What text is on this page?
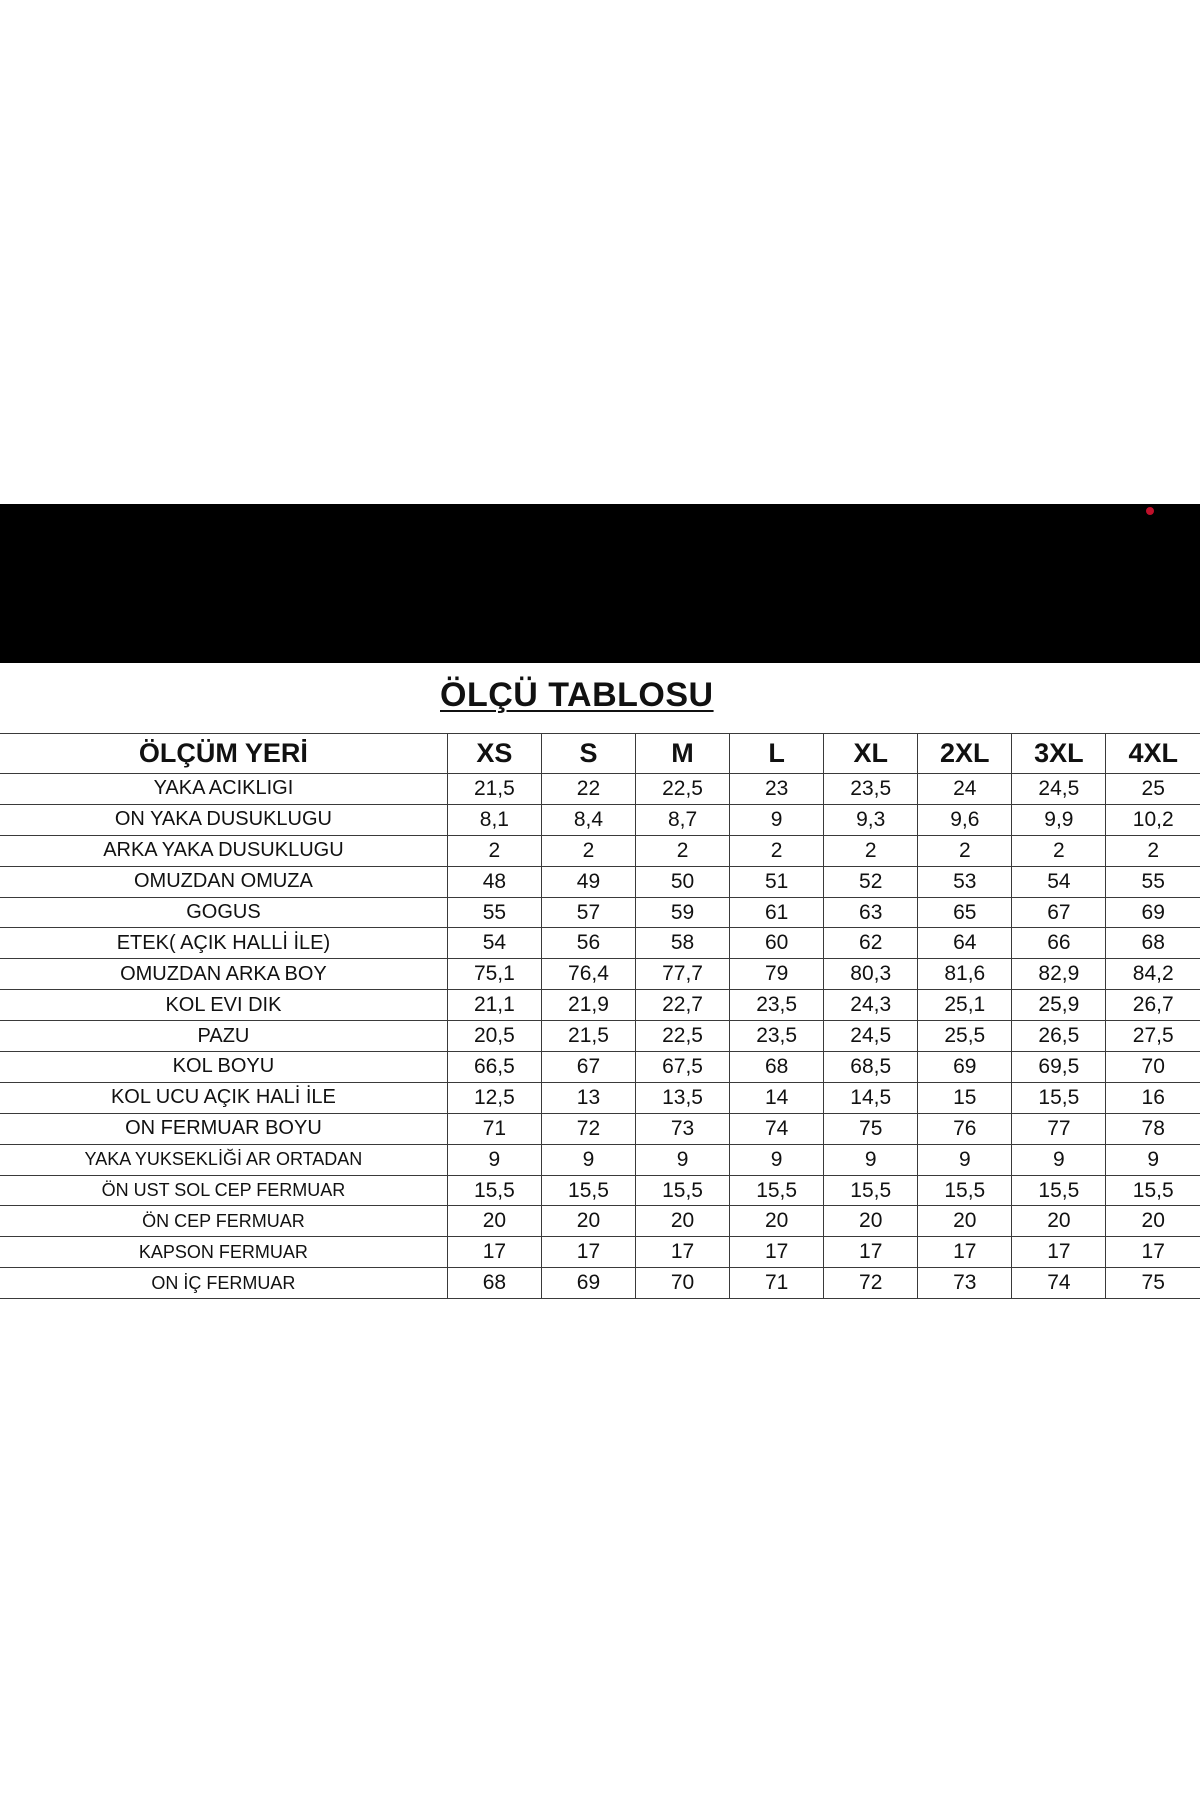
ÖLÇÜ TABLOSU
ÖLÇÜM YERİ	XS	S	M	L	XL	2XL	3XL	4XL
YAKA ACIKLIGI	21,5	22	22,5	23	23,5	24	24,5	25
ON YAKA DUSUKLUGU	8,1	8,4	8,7	9	9,3	9,6	9,9	10,2
ARKA YAKA DUSUKLUGU	2	2	2	2	2	2	2	2
OMUZDAN OMUZA	48	49	50	51	52	53	54	55
GOGUS	55	57	59	61	63	65	67	69
ETEK( AÇIK HALLİ İLE)	54	56	58	60	62	64	66	68
OMUZDAN ARKA BOY	75,1	76,4	77,7	79	80,3	81,6	82,9	84,2
KOL EVI DIK	21,1	21,9	22,7	23,5	24,3	25,1	25,9	26,7
PAZU	20,5	21,5	22,5	23,5	24,5	25,5	26,5	27,5
KOL BOYU	66,5	67	67,5	68	68,5	69	69,5	70
KOL UCU AÇIK HALİ İLE	12,5	13	13,5	14	14,5	15	15,5	16
ON FERMUAR BOYU	71	72	73	74	75	76	77	78
YAKA YUKSEKLİĞİ AR ORTADAN	9	9	9	9	9	9	9	9
ÖN UST SOL CEP FERMUAR	15,5	15,5	15,5	15,5	15,5	15,5	15,5	15,5
ÖN CEP FERMUAR	20	20	20	20	20	20	20	20
KAPSON FERMUAR	17	17	17	17	17	17	17	17
ON İÇ FERMUAR	68	69	70	71	72	73	74	75
